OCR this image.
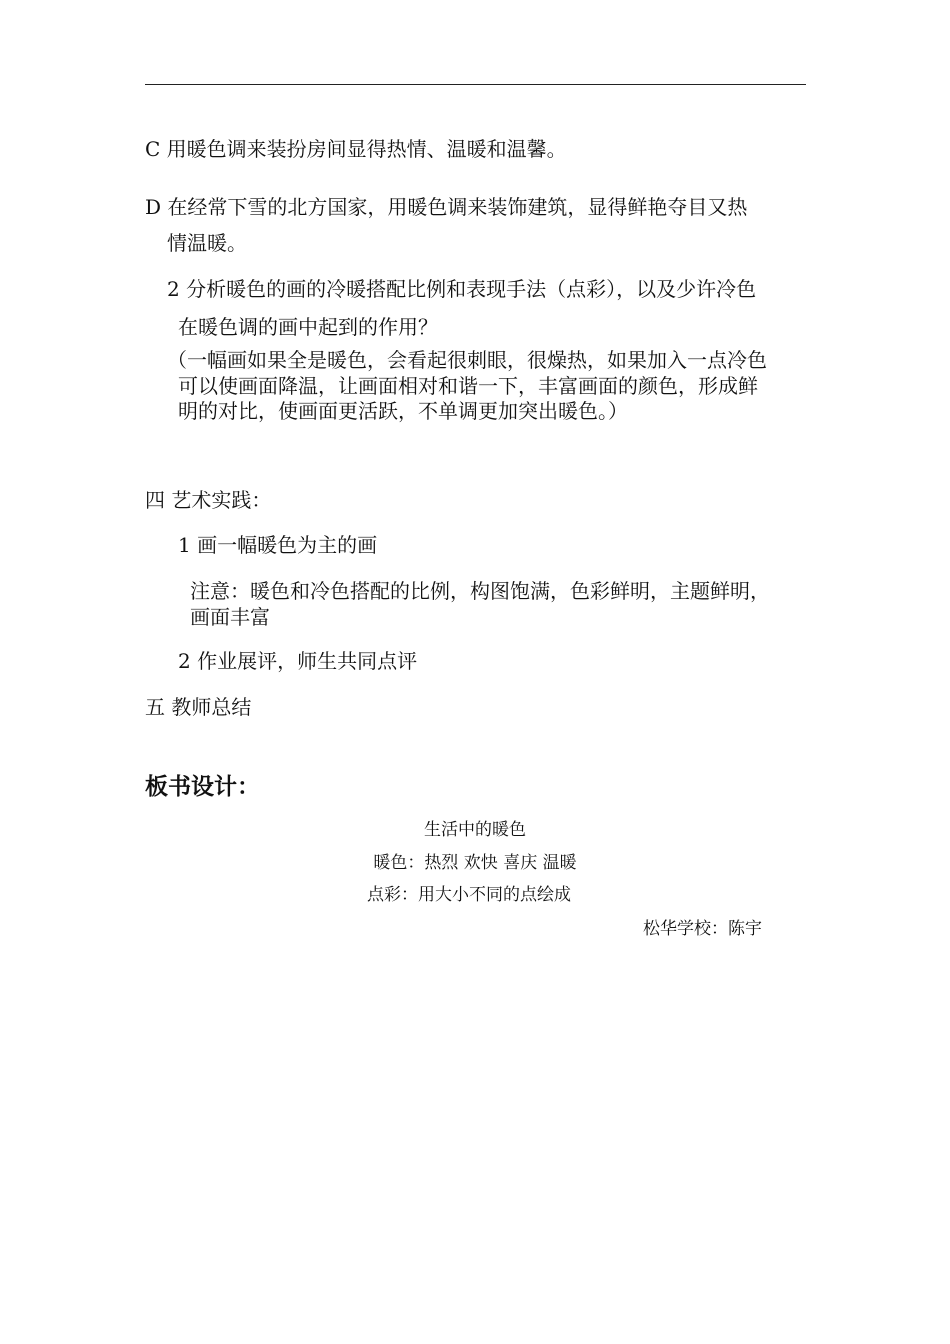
C 用暖色调来装扮房间显得热情、温暖和温馨。
D 在经常下雪的北方国家，用暖色调来装饰建筑，显得鲜艳夺目又热
情温暖。
2 分析暖色的画的冷暖搭配比例和表现手法（点彩），以及少许冷色
在暖色调的画中起到的作用？
（一幅画如果全是暖色，会看起很刺眼，很燥热，如果加入一点冷色
可以使画面降温，让画面相对和谐一下，丰富画面的颜色，形成鲜
明的对比，使画面更活跃，不单调更加突出暖色。）
四 艺术实践：
1 画一幅暖色为主的画
注意：暖色和冷色搭配的比例，构图饱满，色彩鲜明，主题鲜明，
画面丰富
2 作业展评，师生共同点评
五 教师总结
板书设计：
生活中的暖色
暖色：热烈 欢快 喜庆 温暖
点彩：用大小不同的点绘成
松华学校：陈宇
